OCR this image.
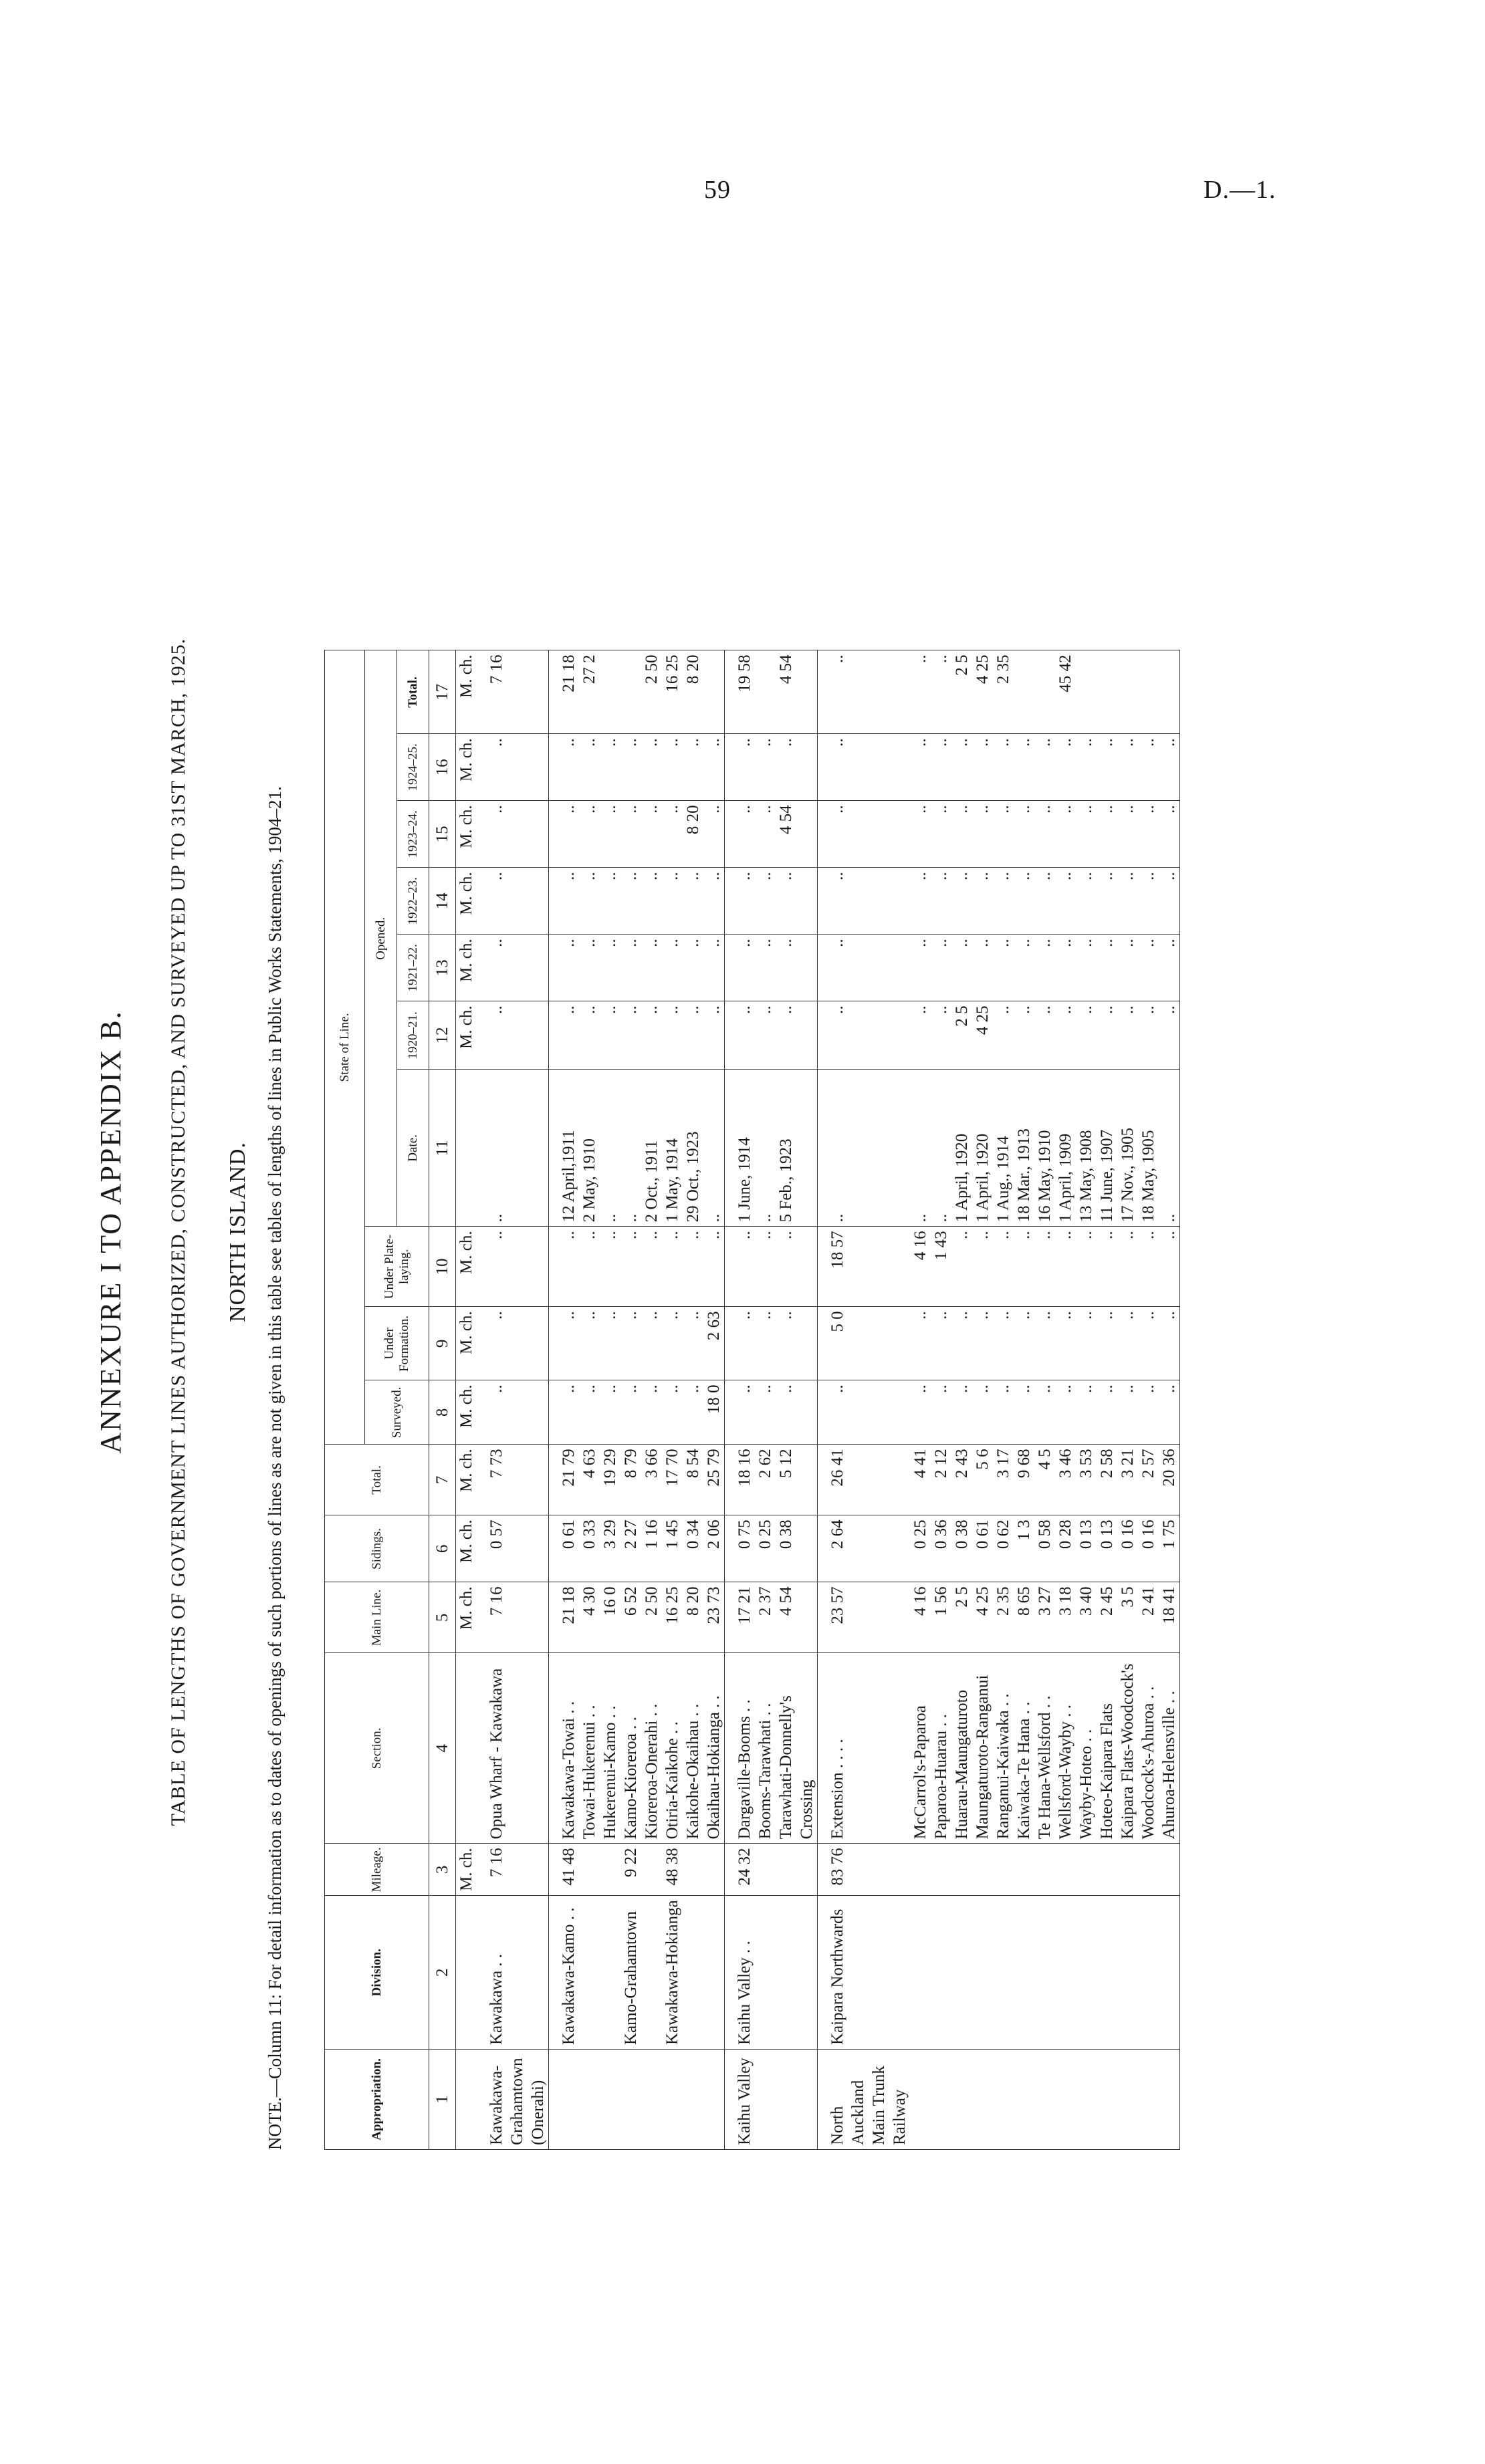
59	D.—1.
ANNEXURE I TO APPENDIX B. TABLE OF LENGTHS OF GOVERNMENT LINES AUTHORIZED, CONSTRUCTED, AND SURVEYED UP TO 31ST MARCH, 1925. NORTH ISLAND. NOTE.—Column 11: For detail information as to dates of openings of such portions of lines as are not given in this table see tables of lengths of lines in Public Works Statements, 1904–21.	Appropriation.	Division.	Mileage.	Section.	Main Line.	Sidings.	Total.	State of Line.									
							Surveyed.	Under Formation.	Under Plate-laying.	Opened.						
										Date.	1920–21.	1921–22.	1922–23.	1923–24.	1924–25.	Total.
1	2	3	4	5	6	7	8	9	10	11	12	13	14	15	16	17
		M. ch.		M. ch.	M. ch.	M. ch.	M. ch.	M. ch.	M. ch.		M. ch.	M. ch.	M. ch.	M. ch.	M. ch.	M. ch.
Kawakawa-Grahamtown (Onerahi)	Kawakawa . .	7 16	Opua Wharf - Kawakawa	7 16	0 57	7 73	..	..	..	..	..	..	..	..	..	7 16
	Kawakawa-Kamo . .	41 48	Kawakawa-Towai . .	21 18	0 61	21 79	..	..	..	12 April,1911	..	..	..	..	..	21 18
			Towai-Hukerenui . .	4 30	0 33	4 63	..	..	..	2 May, 1910	..	..	..	..	..	27 2
			Hukerenui-Kamo . .	16 0	3 29	19 29	..	..	..	..	..	..	..	..	..	
	Kamo-Grahamtown	9 22	Kamo-Kioreroa . .	6 52	2 27	8 79	..	..	..	..	..	..	..	..	..	
			Kioreroa-Onerahi . .	2 50	1 16	3 66	..	..	..	2 Oct., 1911	..	..	..	..	..	2 50
	Kawakawa-Hokianga	48 38	Otiria-Kaikohe . .	16 25	1 45	17 70	..	..	..	1 May, 1914	..	..	..	..	..	16 25
			Kaikohe-Okaihau . .	8 20	0 34	8 54	..	..	..	29 Oct., 1923	..	..	..	8 20	..	8 20
			Okaihau-Hokianga . .	23 73	2 06	25 79	18 0	2 63	..	..	..	..	..	..	..	
Kaihu Valley	Kaihu Valley . .	24 32	Dargaville-Booms . .	17 21	0 75	18 16	..	..	..	1 June, 1914	..	..	..	..	..	19 58
			Booms-Tarawhati . .	2 37	0 25	2 62	..	..	..	..	..	..	..	..	..	
			Tarawhati-Donnelly's Crossing	4 54	0 38	5 12	..	..	..	5 Feb., 1923	..	..	..	4 54	..	4 54
North Auckland Main Trunk Railway	Kaipara Northwards	83 76	Extension . . . .	23 57	2 64	26 41	..	5 0	18 57	..	..	..	..	..	..	..
			McCarrol's-Paparoa	4 16	0 25	4 41	..	..	4 16	..	..	..	..	..	..	..
			Paparoa-Huarau . .	1 56	0 36	2 12	..	..	1 43	..	..	..	..	..	..	..
			Huarau-Maungaturoto	2 5	0 38	2 43	..	..	..	1 April, 1920	2 5	..	..	..	..	2 5
			Maungaturoto-Ranganui	4 25	0 61	5 6	..	..	..	1 April, 1920	4 25	..	..	..	..	4 25
			Ranganui-Kaiwaka . .	2 35	0 62	3 17	..	..	..	1 Aug., 1914	..	..	..	..	..	2 35
			Kaiwaka-Te Hana . .	8 65	1 3	9 68	..	..	..	18 Mar., 1913	..	..	..	..	..	
			Te Hana-Wellsford . .	3 27	0 58	4 5	..	..	..	16 May, 1910	..	..	..	..	..	
			Wellsford-Wayby . .	3 18	0 28	3 46	..	..	..	1 April, 1909	..	..	..	..	..	45 42
			Wayby-Hoteo . .	3 40	0 13	3 53	..	..	..	13 May, 1908	..	..	..	..	..	
			Hoteo-Kaipara Flats	2 45	0 13	2 58	..	..	..	11 June, 1907	..	..	..	..	..	
			Kaipara Flats-Woodcock's	3 5	0 16	3 21	..	..	..	17 Nov., 1905	..	..	..	..	..	
			Woodcock's-Ahuroa . .	2 41	0 16	2 57	..	..	..	18 May, 1905	..	..	..	..	..	
			Ahuroa-Helensville . .	18 41	1 75	20 36	..	..	..	..	..	..	..	..	..	
